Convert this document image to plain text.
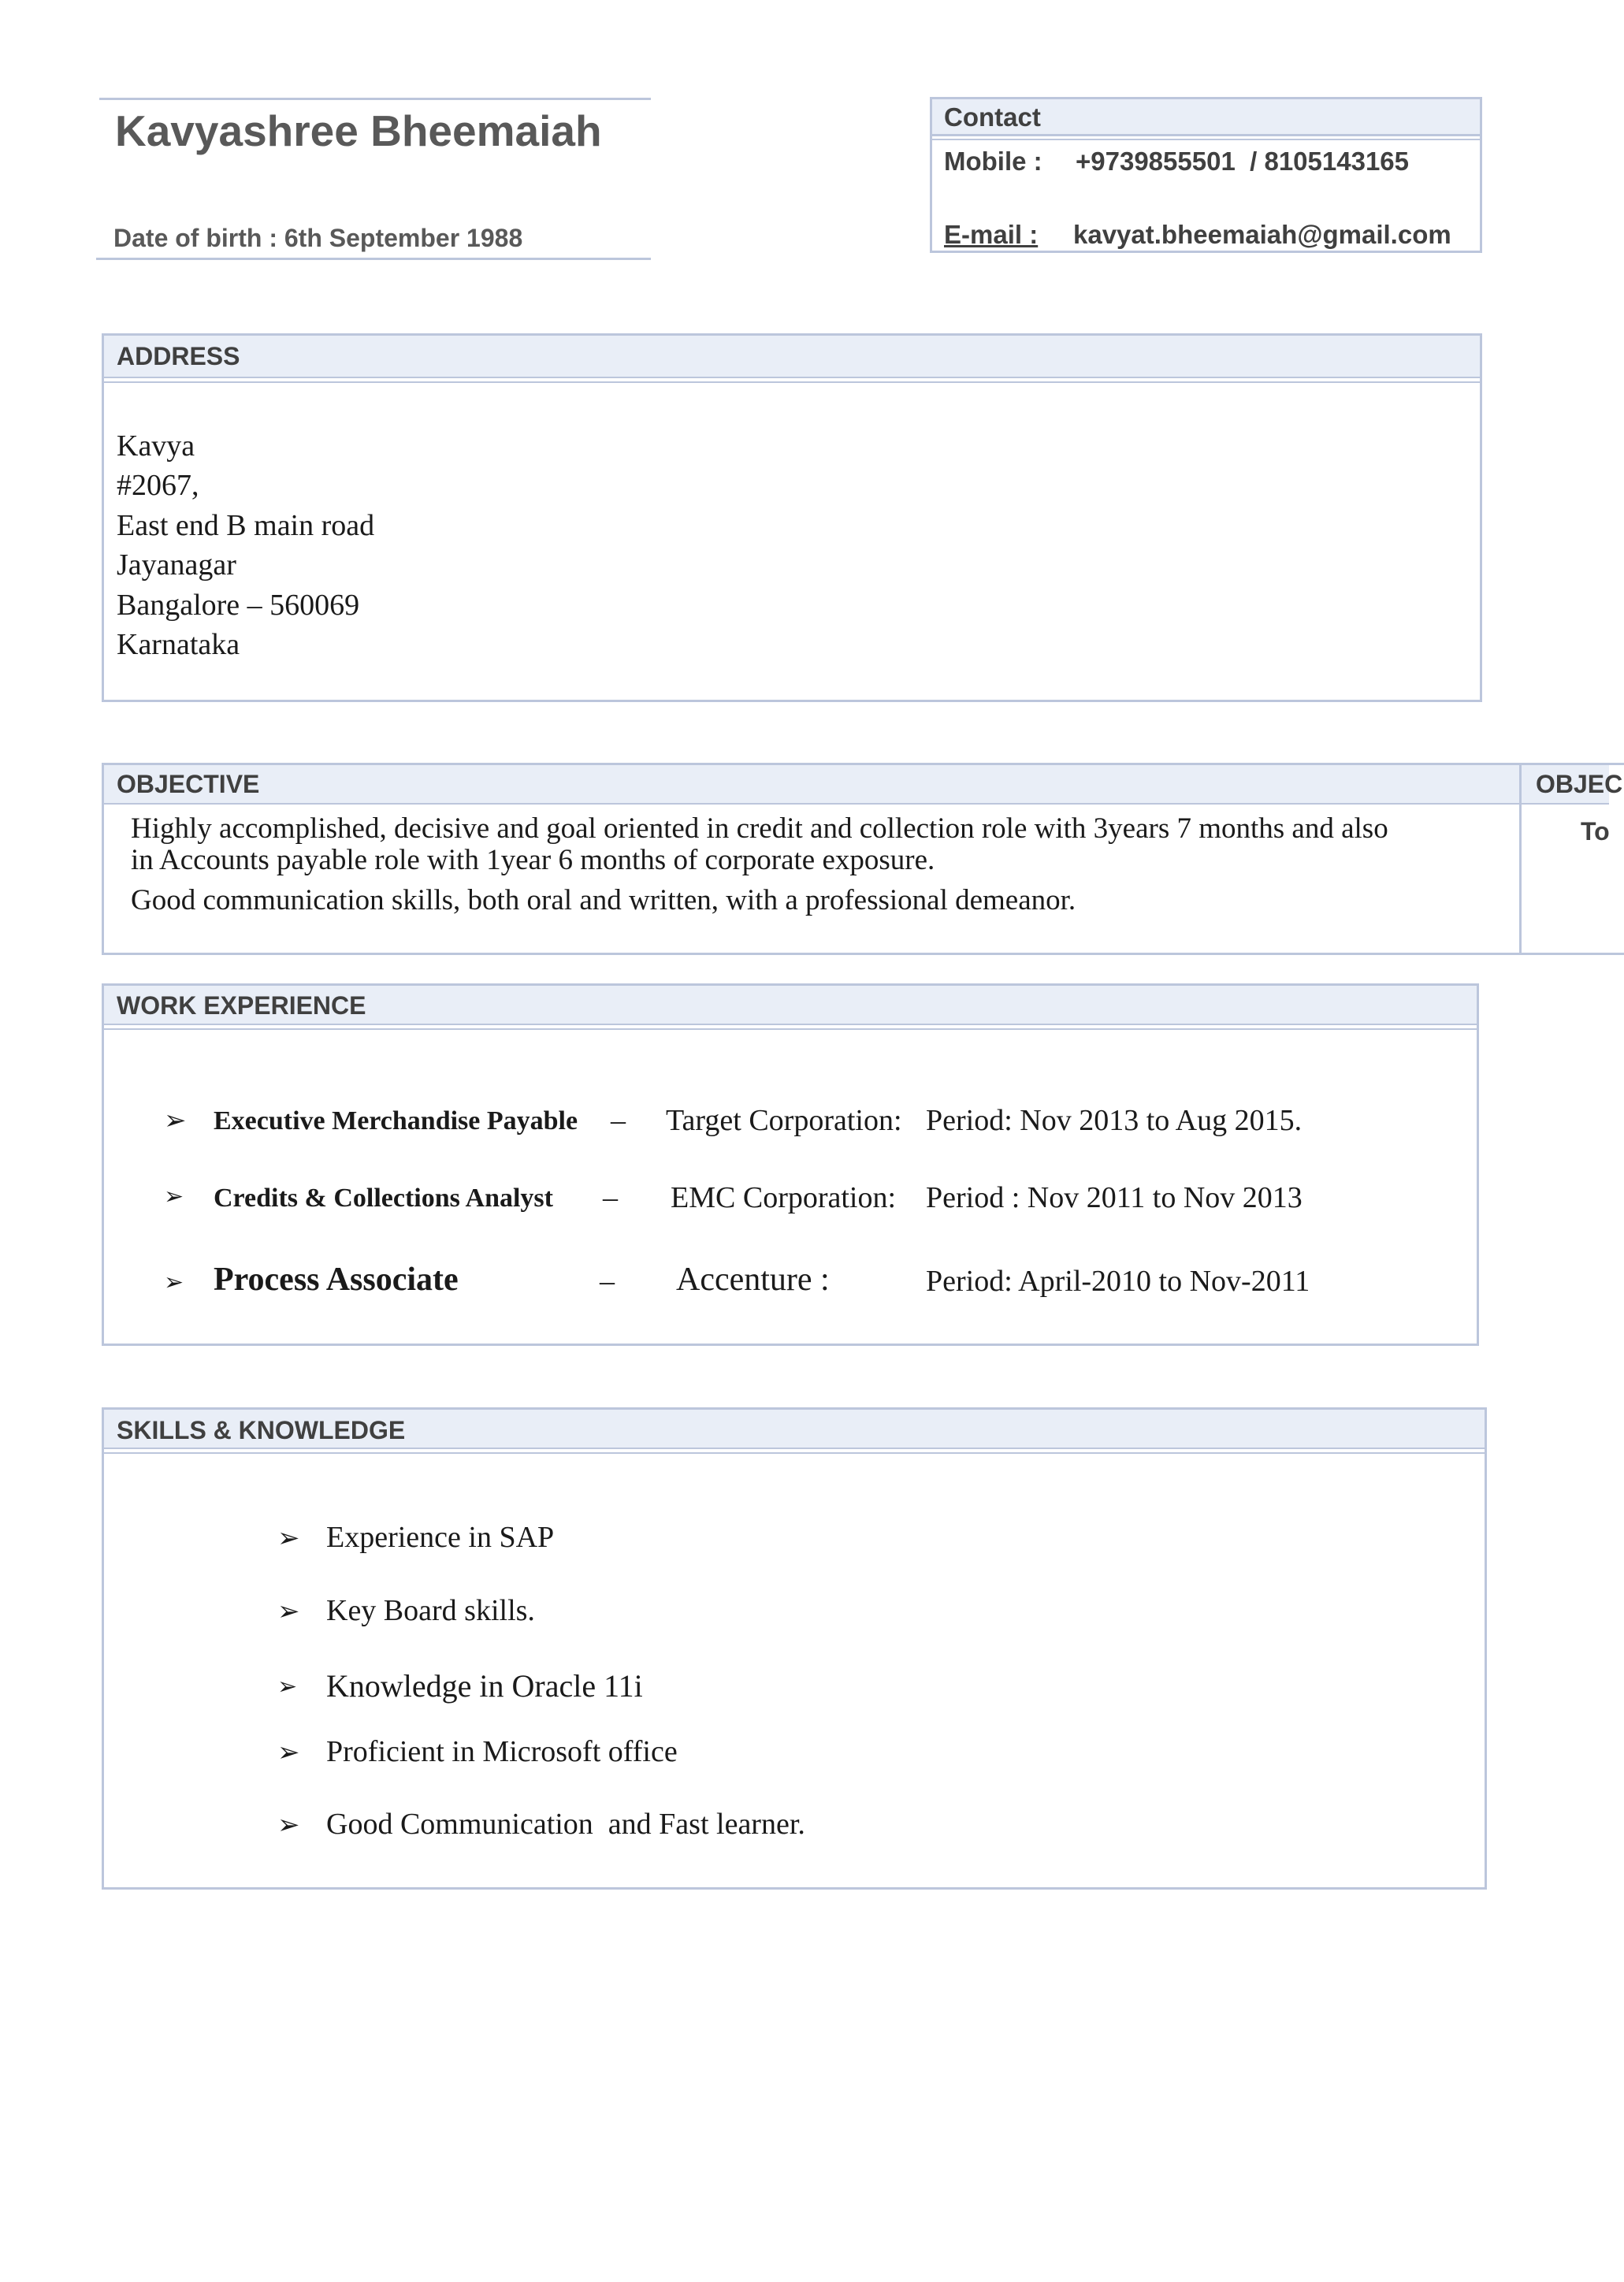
Kavyashree Bheemaiah
Date of birth : 6th September 1988
Contact
Mobile : +9739855501  / 8105143165
E-mail : kavyat.bheemaiah@gmail.com
ADDRESS
Kavya
#2067,
East end B main road
Jayanagar
Bangalore – 560069
Karnataka
OBJECTIVE	OBJEC
To
Highly accomplished, decisive and goal oriented in credit and collection role with 3years 7 months and also
in Accounts payable role with 1year 6 months of corporate exposure.
Good communication skills, both oral and written, with a professional demeanor.
WORK EXPERIENCE
➢ Executive Merchandise Payable – Target Corporation: Period: Nov 2013 to Aug 2015.
➢ Credits & Collections Analyst – EMC Corporation: Period : Nov 2011 to Nov 2013
➢ Process Associate	– Accenture :	Period: April-2010 to Nov-2011
SKILLS & KNOWLEDGE
➢ Experience in SAP
➢ Key Board skills.
➢ Knowledge in Oracle 11i
➢ Proficient in Microsoft office
➢ Good Communication  and Fast learner.
